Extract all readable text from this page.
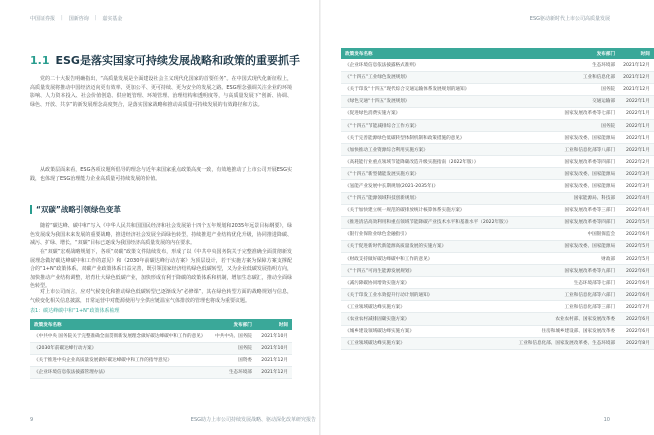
中国证券报 | 国新咨询 | 嘉实基金
1.1 ESG是落实国家可持续发展战略和政策的重要抓手

党的二十大报告明确指出，“高质量发展是全面建设社会主义现代化国家的首要任务”。在中国式现代化新征程上，高质量发展将推动中国经济迈向更有效率、更加公平、更可持续、更为安全的发展之路。ESG理念强调关注企业的环境影响、人力资本投入、社会价值创造、供应链管理、环境管理、治理结构和透明度等，与高质量发展下“创新、协调、绿色、开放、共享”的新发展理念高度契合，是落实国家战略和推动高质量可持续发展的有效路径和方法。

从政策层面来看，ESG各项议题所倡导的理念与近年来国家重点政策高度一致，有效地推动了上市公司开展ESG实践，也体现了ESG治理能力企业高质量可持续发展的价值。

“双碳”战略引领绿色变革

随着“碳达峰、碳中和”写入《中华人民共和国国民经济和社会发展第十四个五年规划和2035年远景目标纲要》，绿色发展成为我国未来发展的重要战略，推进经济社会发展全面绿色转型，持续推进产业结构优化升级，协同推进降碳、减污、扩绿、增长，“双碳”目标已逐成为我国经济高质量发展的内在要求。

在“双碳”宏观战略规划下，各项“双碳”政策文件陆续发布，形成了以《中共中央国务院关于完整准确全面贯彻新发展理念做好碳达峰碳中和工作的意见》和《2030年前碳达峰行动方案》为顶层设计，若干实施方案为保障方案支撑配合的“1+N”政策体系。双碳产业政策体系日益完善，既引领国家经济结构绿色低碳转型，又为企业低碳发展指明方向，加快推动产业结构调整，培育壮大绿色低碳产业，加快形成有利于降碳的政策体系和机制，增加生态碳汇，推动全面绿色转型。

对上市公司而言，应对气候变化和推动绿色低碳转型已逐渐成为“必修课”，其在绿色转型方面的战略规划与信息，气候变化相关信息披露，日常运营中对能源使用与全供应链温室气体排放的管理也将成为重要议题。

表1：碳达峰碳中和“1+N”政策体系梳理
政策发布名称	发布部门	时间
《中共中央 国务院关于完整准确全面贯彻新发展理念做好碳达峰碳中和工作的意见》	中共中央、国务院	2021年10月
《2030年前碳达峰行动方案》	国务院	2021年10月
《关于推进中央企业高质量发展做好碳达峰碳中和工作的指导意见》	国资委	2021年12月
《企业环境信息依法披露管理办法》	生态环境部	2021年12月
9	ESG助力上市公司持续发展战略、驱动深化改革研究报告
ESG驱动新时代上市公司高质量发展
政策发布名称	发布部门	时间
《企业环境信息依法披露格式准则》	生态环境部	2021年12月
《“十四五”工业绿色发展规划》	工业和信息化部	2021年12月
《关于印发“十四五”现代综合交通运输体系发展规划的通知》	国务院	2021年12月
《绿色交通“十四五”发展规划》	交通运输部	2022年1月
《促进绿色消费实施方案》	国家发展改革委等七部门	2022年1月
《“十四五”节能减排综合工作方案》	国务院	2022年1月
《关于完善能源绿色低碳转型体制机制和政策措施的意见》	国家发改委、国家能源局	2022年1月
《加快推动工业资源综合利用实施方案》	工业和信息化部等八部门	2022年1月
《高耗能行业重点领域节能降碳改造升级实施指南（2022年版）》	国家发展改革委等四部门	2022年2月
《“十四五”新型储能发展实施方案》	国家发改委、国家能源局	2022年3月
《氢能产业发展中长期规划(2021-2035年)》	国家发改委、国家能源局	2022年3月
《“十四五”能源领域科技创新规划》	国家能源局、科技部	2022年4月
《关于加快建立统一规范的碳排放统计核算体系实施方案》	国家发展改革委等三部门	2022年4月
《推进清洁高效利用和重点领域节能降碳产业技术水平和基准水平（2022年版）》	国家发展改革委等四部门	2022年5月
《银行业保险业绿色金融指引》	中国银保监会	2022年6月
《关于促进新时代新能源高质量发展的实施方案》	国家发改委、国家能源局	2022年5月
《财政支持做好碳达峰碳中和工作的意见》	财政部	2022年5月
《“十四五”可再生能源发展规划》	国家发展改革委等九部门	2022年6月
《减污降碳协同增效实施方案》	生态环境部等七部门	2022年6月
《关于印发工业水效提升行动计划的通知》	工业和信息化部等六部门	2022年6月
《工业领域碳达峰实施方案》	工业和信息化部等三部门	2022年7月
《农业农村减排固碳实施方案》	农业农村部、国家发展改革委	2022年6月
《城乡建设领域碳达峰实施方案》	住房和城乡建设部、国家发展改革委	2022年6月
《工业领域碳达峰实施方案》	工业和信息化部、国家发展改革委、生态环境部	2022年8月
10
